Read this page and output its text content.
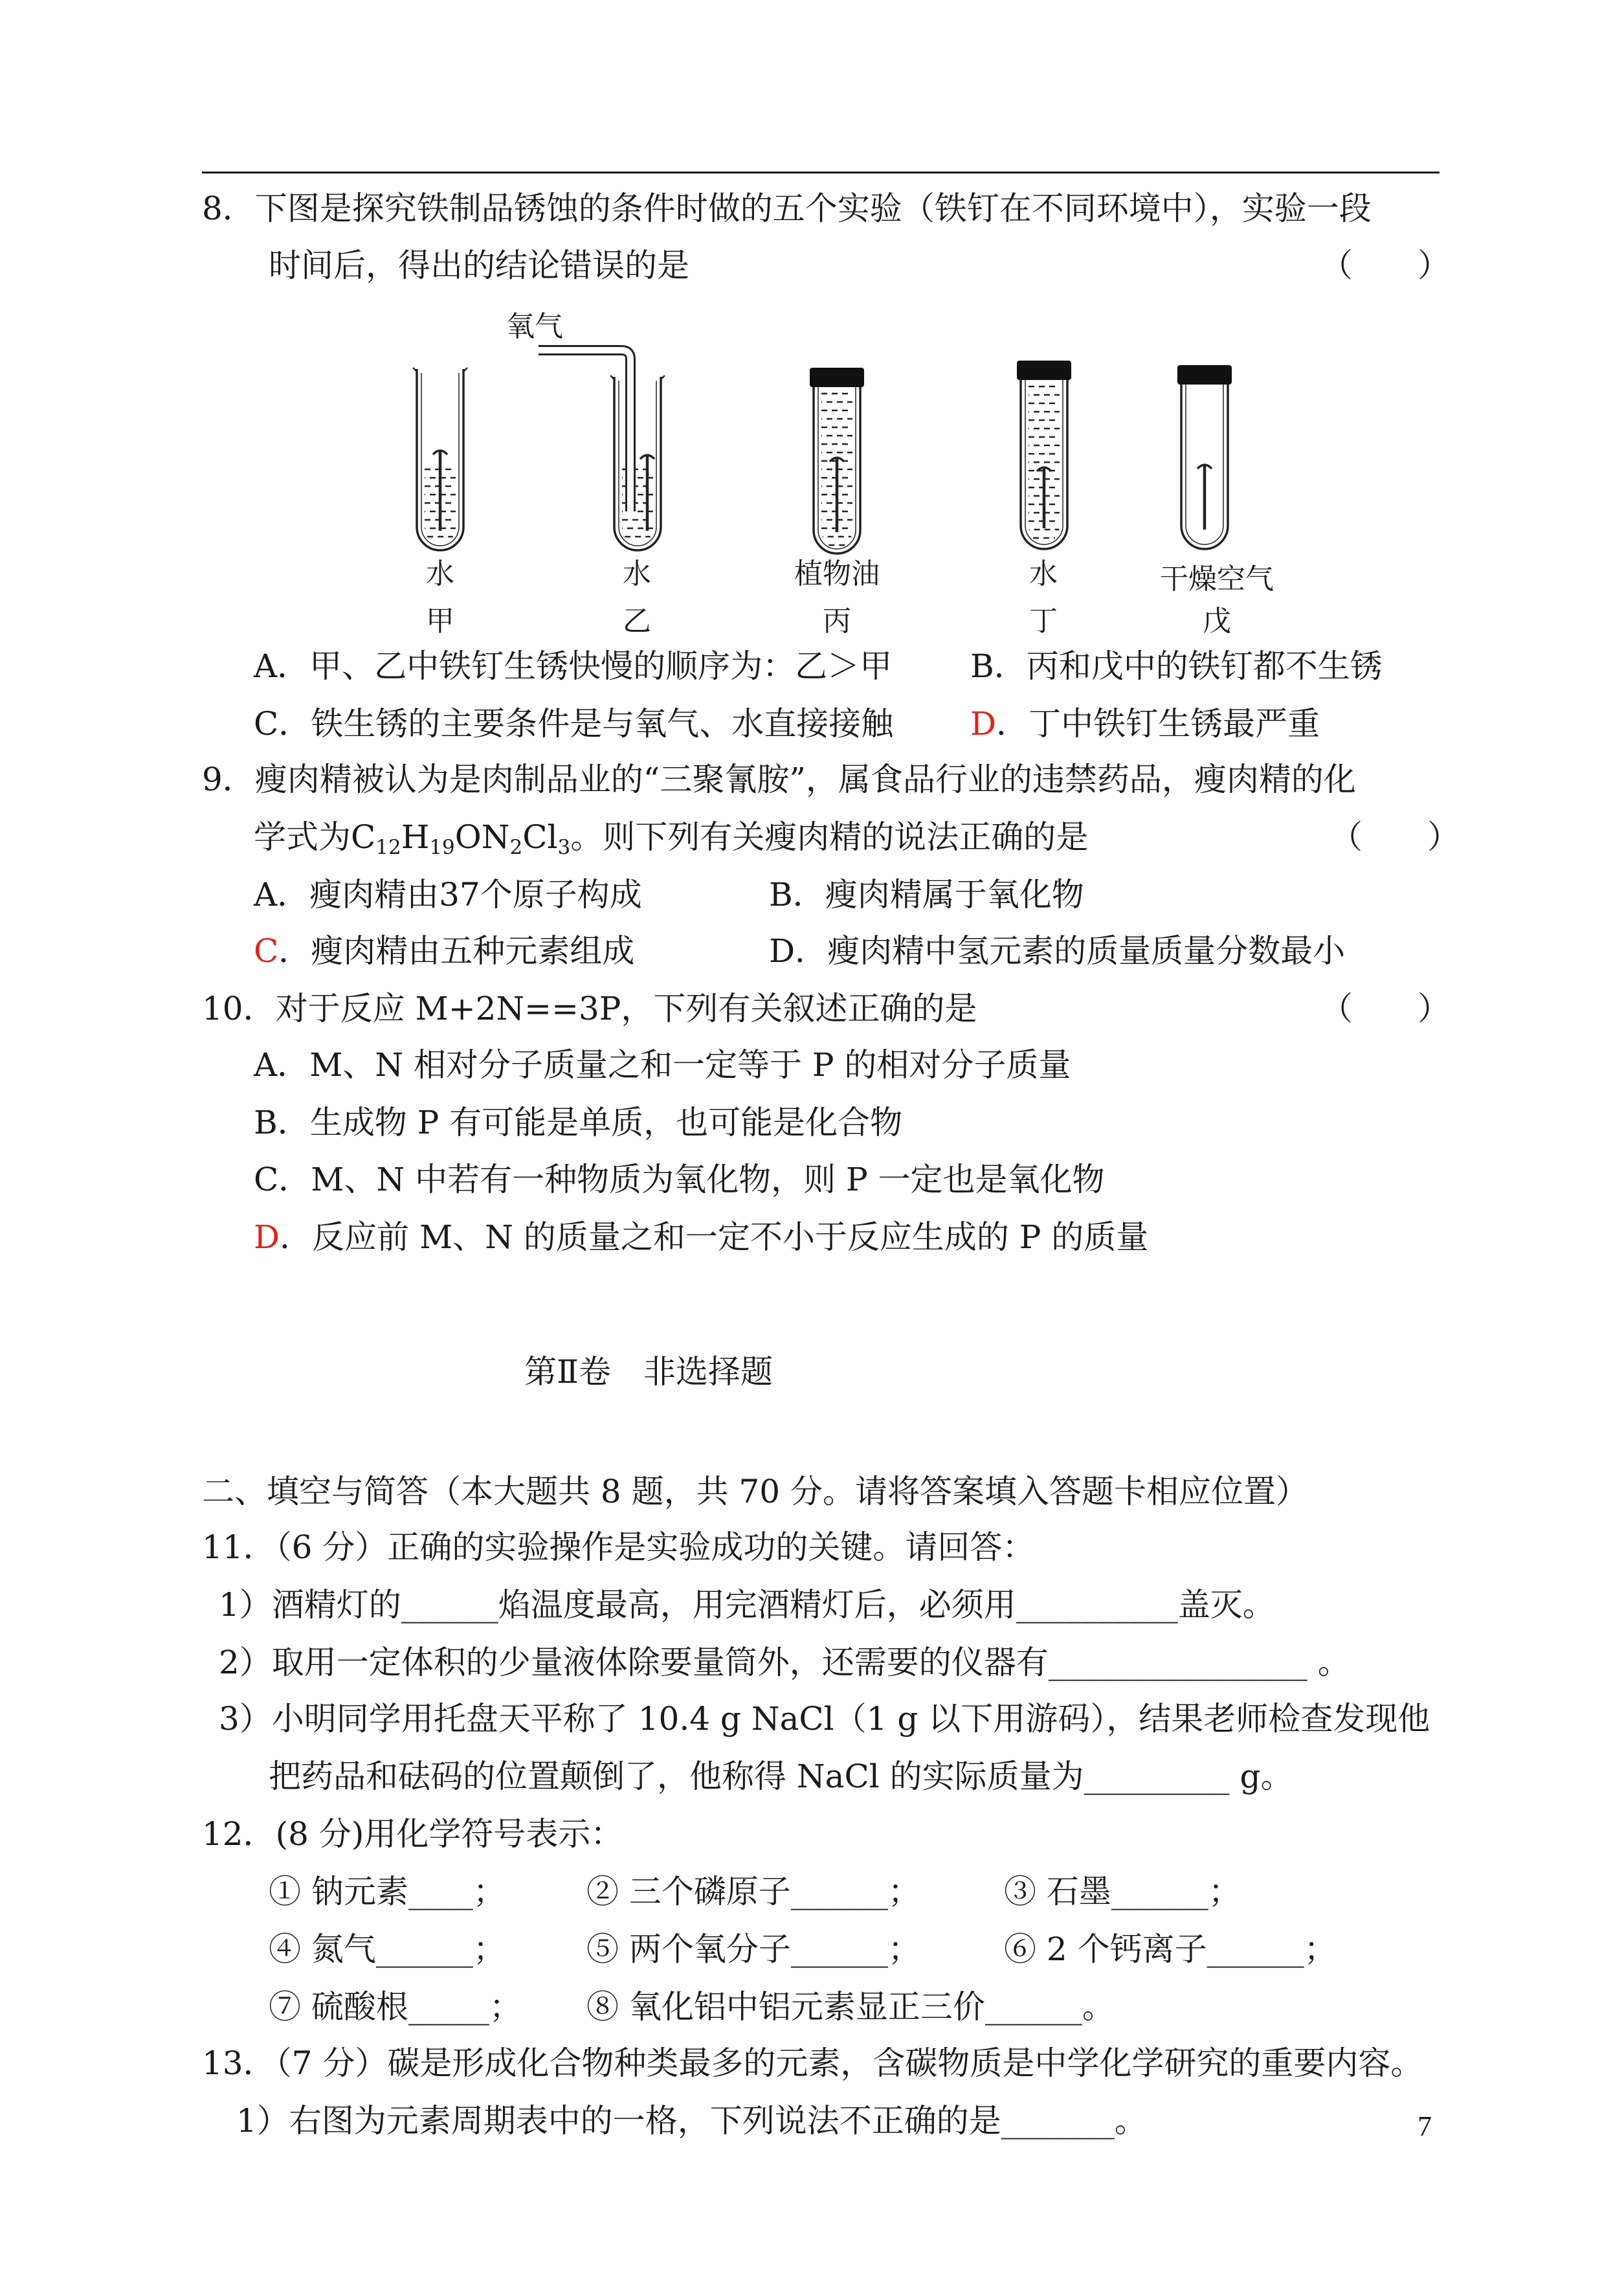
8．下图是探究铁制品锈蚀的条件时做的五个实验（铁钉在不同环境中），实验一段
时间后，得出的结论错误的是	（　　）
氧气
水
甲
水
乙
植物油
丙
水
丁
干燥空气
戊
A．甲、乙中铁钉生锈快慢的顺序为：乙＞甲 B．丙和戊中的铁钉都不生锈
C．铁生锈的主要条件是与氧气、水直接接触 D．丁中铁钉生锈最严重
9．瘦肉精被认为是肉制品业的“三聚氰胺”，属食品行业的违禁药品，瘦肉精的化
学式为$C_{12}H_{19}ON_2Cl_3$。则下列有关瘦肉精的说法正确的是	（　　）
A．瘦肉精由37个原子构成	B．瘦肉精属于氧化物
C．瘦肉精由五种元素组成	D．瘦肉精中氢元素的质量质量分数最小
10．对于反应 M+2N==3P，下列有关叙述正确的是	（　　）
A．M、N 相对分子质量之和一定等于 P 的相对分子质量
B．生成物 P 有可能是单质，也可能是化合物
C．M、N 中若有一种物质为氧化物，则 P 一定也是氧化物
D．反应前 M、N 的质量之和一定不小于反应生成的 P 的质量
第Ⅱ卷　非选择题
二、填空与简答（本大题共 8 题，共 70 分。请将答案填入答题卡相应位置）
11．（6 分）正确的实验操作是实验成功的关键。请回答：
1）酒精灯的______焰温度最高，用完酒精灯后，必须用__________盖灭。
2）取用一定体积的少量液体除要量筒外，还需要的仪器有________________ 。
3）小明同学用托盘天平称了 10.4 g NaCl（1 g 以下用游码），结果老师检查发现他
把药品和砝码的位置颠倒了，他称得 NaCl 的实际质量为_________ g。
12．(8 分)用化学符号表示：
① 钠元素____；	② 三个磷原子______；	③ 石墨______；
④ 氮气______；	⑤ 两个氧分子______；	⑥ 2 个钙离子______；
⑦ 硫酸根_____； ⑧ 氧化铝中铝元素显正三价______。
13．（7 分）碳是形成化合物种类最多的元素，含碳物质是中学化学研究的重要内容。
1）右图为元素周期表中的一格，下列说法不正确的是_______。	7
